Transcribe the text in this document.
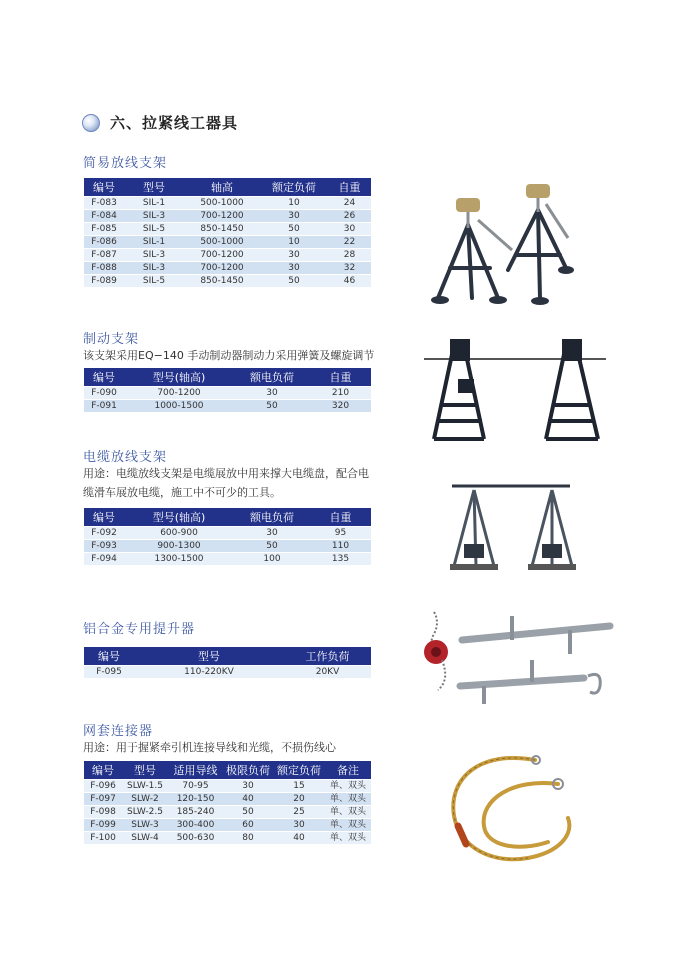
六、拉紧线工器具
简易放线支架
编号	型号	轴高	额定负荷	自重
F-083	SIL-1	500-1000	10	24
F-084	SIL-3	700-1200	30	26
F-085	SIL-5	850-1450	50	30
F-086	SIL-1	500-1000	10	22
F-087	SIL-3	700-1200	30	28
F-088	SIL-3	700-1200	30	32
F-089	SIL-5	850-1450	50	46
制动支架
该支架采用EQ−140 手动制动器制动力采用弹簧及螺旋调节
编号	型号(轴高)	额电负荷	自重
F-090	700-1200	30	210
F-091	1000-1500	50	320
电缆放线支架
用途：电缆放线支架是电缆展放中用来撑大电缆盘，配合电
缆滑车展放电缆，施工中不可少的工具。
编号	型号(轴高)	额电负荷	自重
F-092	600-900	30	95
F-093	900-1300	50	110
F-094	1300-1500	100	135
铝合金专用提升器
编号	型号	工作负荷
F-095	110-220KV	20KV
网套连接器
用途：用于握紧牵引机连接导线和光缆，不损伤线心
编号	型号	适用导线	极限负荷	额定负荷	备注
F-096	SLW-1.5	70-95	30	15	单、双头
F-097	SLW-2	120-150	40	20	单、双头
F-098	SLW-2.5	185-240	50	25	单、双头
F-099	SLW-3	300-400	60	30	单、双头
F-100	SLW-4	500-630	80	40	单、双头
